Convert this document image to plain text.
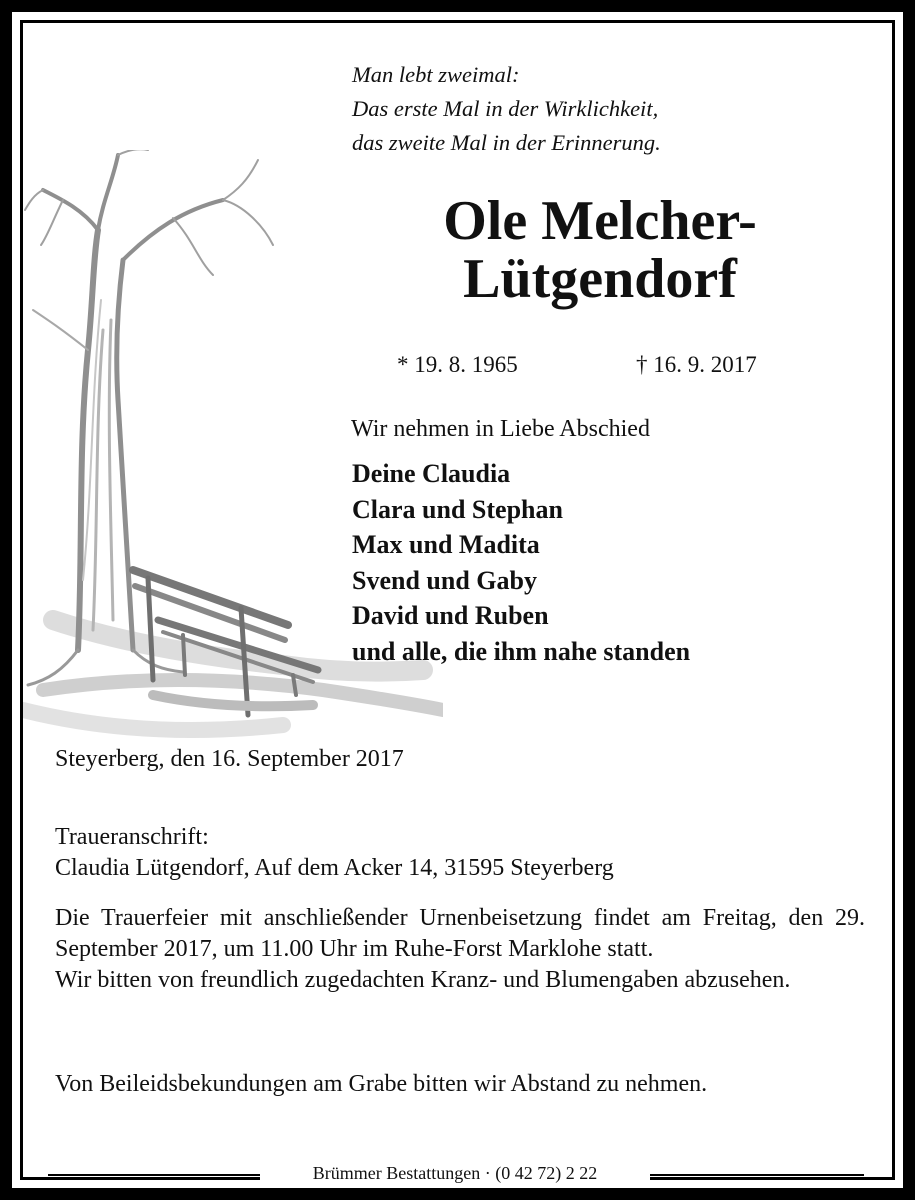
Man lebt zweimal:
Das erste Mal in der Wirklichkeit,
das zweite Mal in der Erinnerung.
Ole Melcher-
Lütgendorf
* 19. 8. 1965	† 16. 9. 2017
Wir nehmen in Liebe Abschied
Deine Claudia
Clara und Stephan
Max und Madita
Svend und Gaby
David und Ruben
und alle, die ihm nahe standen
Steyerberg, den 16. September 2017
Traueranschrift:
Claudia Lütgendorf, Auf dem Acker 14, 31595 Steyerberg

Die Trauerfeier mit anschließender Urnenbeisetzung findet am Freitag, den 29. September 2017, um 11.00 Uhr im Ruhe-Forst Marklohe statt.

Wir bitten von freundlich zugedachten Kranz- und Blumengaben abzusehen.

Von Beileidsbekundungen am Grabe bitten wir Abstand zu nehmen.
Brümmer Bestattungen · (0 42 72) 2 22
